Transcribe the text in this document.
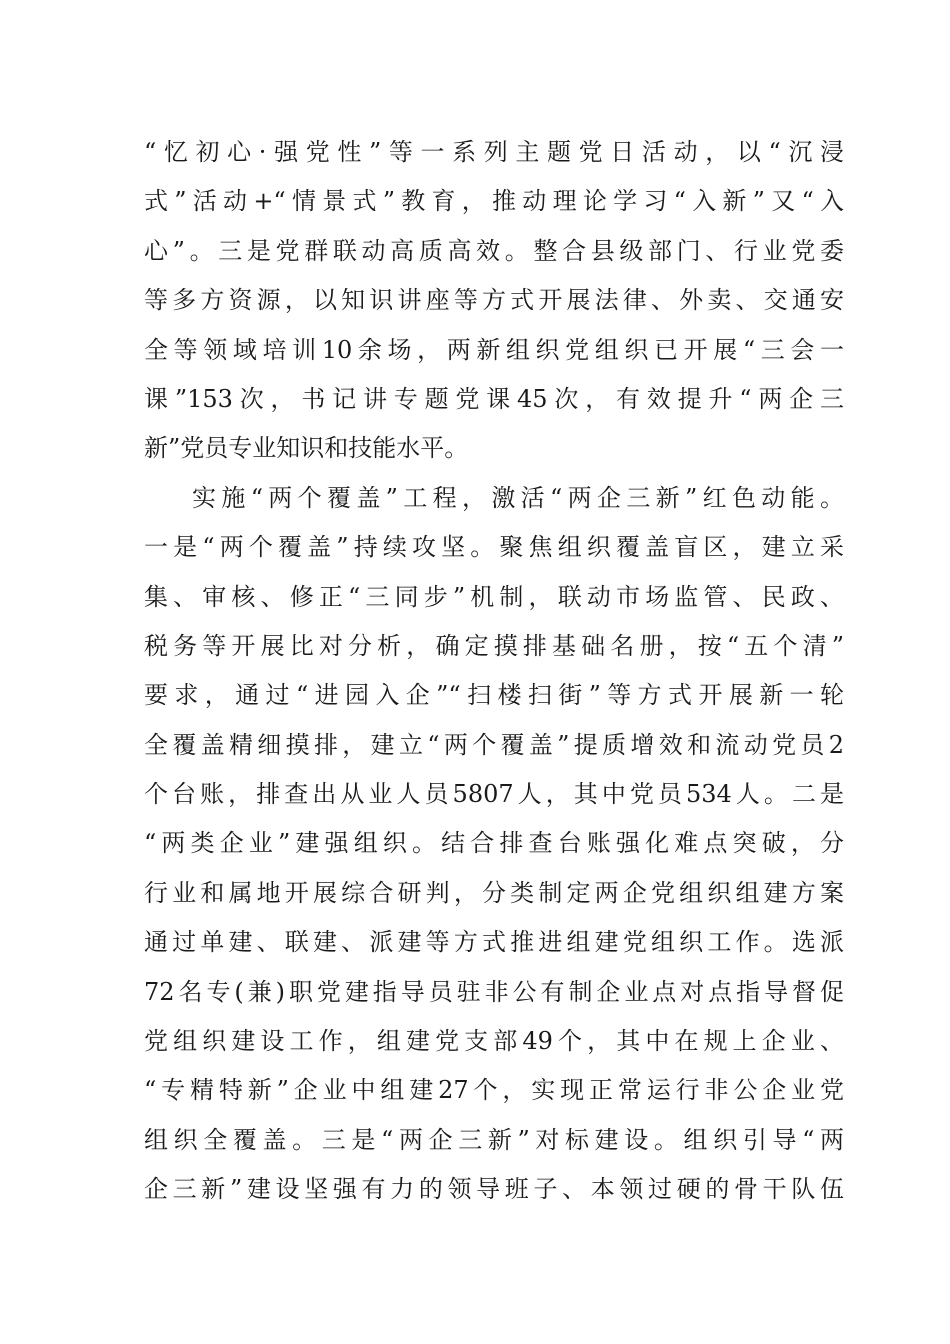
“忆初心·强党性”等一系列主题党日活动，以“沉浸
式”活动+“情景式”教育，推动理论学习“入新”又“入
心”。三是党群联动高质高效。整合县级部门、行业党委
等多方资源，以知识讲座等方式开展法律、外卖、交通安
全等领域培训10余场，两新组织党组织已开展“三会一
课”153次，书记讲专题党课45次，有效提升“两企三
新”党员专业知识和技能水平。
实施“两个覆盖”工程，激活“两企三新”红色动能。
一是“两个覆盖”持续攻坚。聚焦组织覆盖盲区，建立采
集、审核、修正“三同步”机制，联动市场监管、民政、
税务等开展比对分析，确定摸排基础名册，按“五个清”
要求，通过“进园入企”“扫楼扫街”等方式开展新一轮
全覆盖精细摸排，建立“两个覆盖”提质增效和流动党员2
个台账，排查出从业人员5807人，其中党员534人。二是
“两类企业”建强组织。结合排查台账强化难点突破，分
行业和属地开展综合研判，分类制定两企党组织组建方案
通过单建、联建、派建等方式推进组建党组织工作。选派
72名专(兼)职党建指导员驻非公有制企业点对点指导督促
党组织建设工作，组建党支部49个，其中在规上企业、
“专精特新”企业中组建27个，实现正常运行非公企业党
组织全覆盖。三是“两企三新”对标建设。组织引导“两
企三新”建设坚强有力的领导班子、本领过硬的骨干队伍
